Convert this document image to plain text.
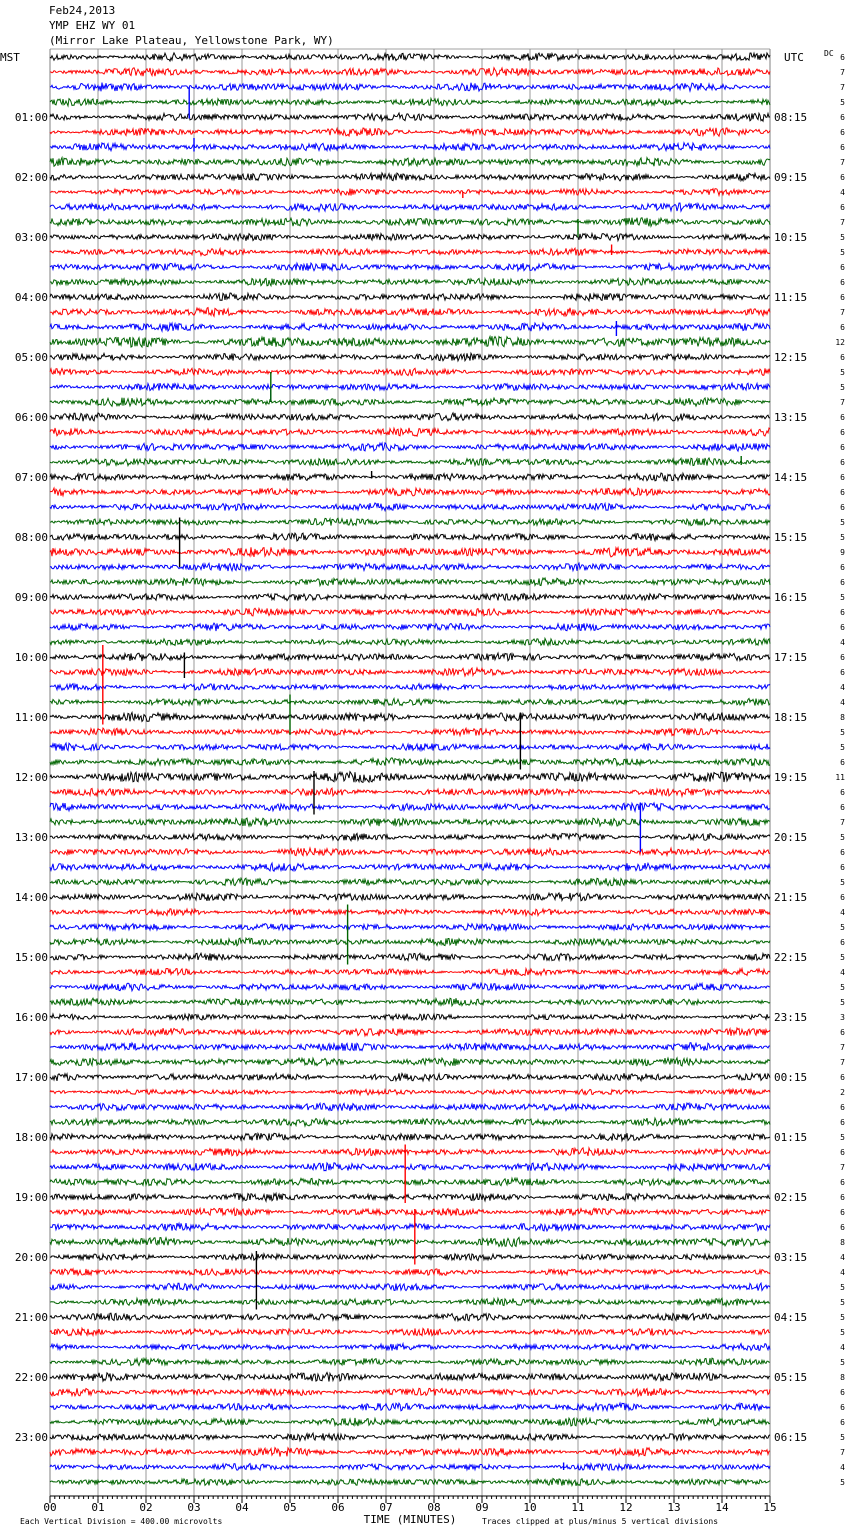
Feb24,2013
YMP EHZ WY 01
(Mirror Lake Plateau, Yellowstone Park, WY)
00	01	02	03	04	05	06	07	08	09	10	11	12	13	14	15
01:00
02:00
03:00
04:00
05:00
06:00
07:00
08:00
09:00
10:00
11:00
12:00
13:00
14:00
15:00
16:00
17:00
18:00
19:00
20:00
21:00
22:00
23:00
08:15
09:15
10:15
11:15
12:15
13:15
14:15
15:15
16:15
17:15
18:15
19:15
20:15
21:15
22:15
23:15
00:15
01:15
02:15
03:15
04:15
05:15
06:15
6
7
7
5
6
6
6
7
6
4
6
7
5
5
6
6
6
7
6
12
6
5
5
7
6
6
6
6
6
6
6
5
5
9
6
6
5
6
6
4
6
6
4
4
8
5
5
6
11
6
6
7
5
6
6
5
6
4
5
6
5
4
5
5
3
6
7
7
6
2
6
6
5
6
7
6
6
6
6
8
4
4
5
5
5
5
4
5
8
6
6
6
5
7
4
5
MST	UTC	DC
TIME (MINUTES)
Each Vertical Division = 400.00 microvolts	Traces clipped at plus/minus 5 vertical divisions
